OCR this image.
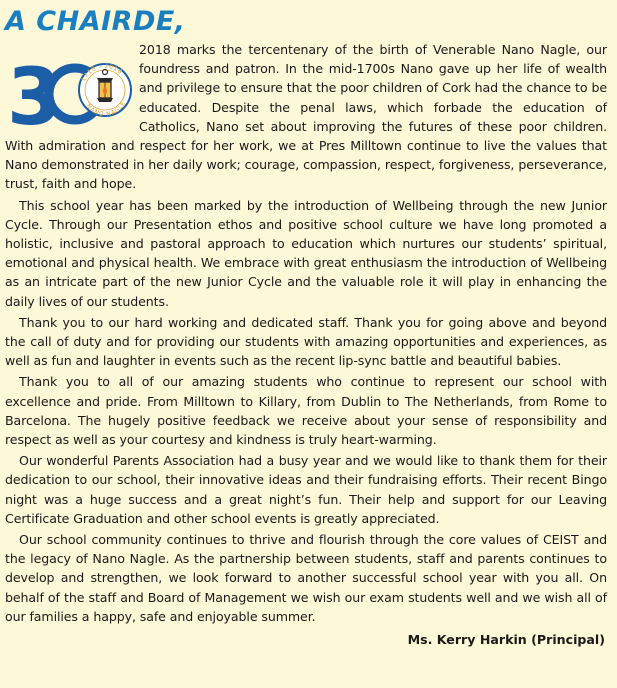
A CHAIRDE,
3	1718 - 2018
NANO NAGLE

2018 marks the tercentenary of the birth of Venerable Nano Nagle, our foundress and patron. In the mid-1700s Nano gave up her life of wealth and privilege to ensure that the poor children of Cork had the chance to be educated. Despite the penal laws, which forbade the education of Catholics, Nano set about improving the futures of these poor children. With admiration and respect for her work, we at Pres Milltown continue to live the values that Nano demonstrated in her daily work; courage, compassion, respect, forgiveness, perseverance, trust, faith and hope.

This school year has been marked by the introduction of Wellbeing through the new Junior Cycle. Through our Presentation ethos and positive school culture we have long promoted a holistic, inclusive and pastoral approach to education which nurtures our students’ spiritual, emotional and physical health. We embrace with great enthusiasm the introduction of Wellbeing as an intricate part of the new Junior Cycle and the valuable role it will play in enhancing the daily lives of our students.

Thank you to our hard working and dedicated staff. Thank you for going above and beyond the call of duty and for providing our students with amazing opportunities and experiences, as well as fun and laughter in events such as the recent lip-sync battle and beautiful babies.

Thank you to all of our amazing students who continue to represent our school with excellence and pride. From Milltown to Killary, from Dublin to The Netherlands, from Rome to Barcelona. The hugely positive feedback we receive about your sense of responsibility and respect as well as your courtesy and kindness is truly heart-warming.

Our wonderful Parents Association had a busy year and we would like to thank them for their dedication to our school, their innovative ideas and their fundraising efforts. Their recent Bingo night was a huge success and a great night’s fun. Their help and support for our Leaving Certificate Graduation and other school events is greatly appreciated.

Our school community continues to thrive and flourish through the core values of CEIST and the legacy of Nano Nagle. As the partnership between students, staff and parents continues to develop and strengthen, we look forward to another successful school year with you all. On behalf of the staff and Board of Management we wish our exam students well and we wish all of our families a happy, safe and enjoyable summer.

Ms. Kerry Harkin (Principal)
